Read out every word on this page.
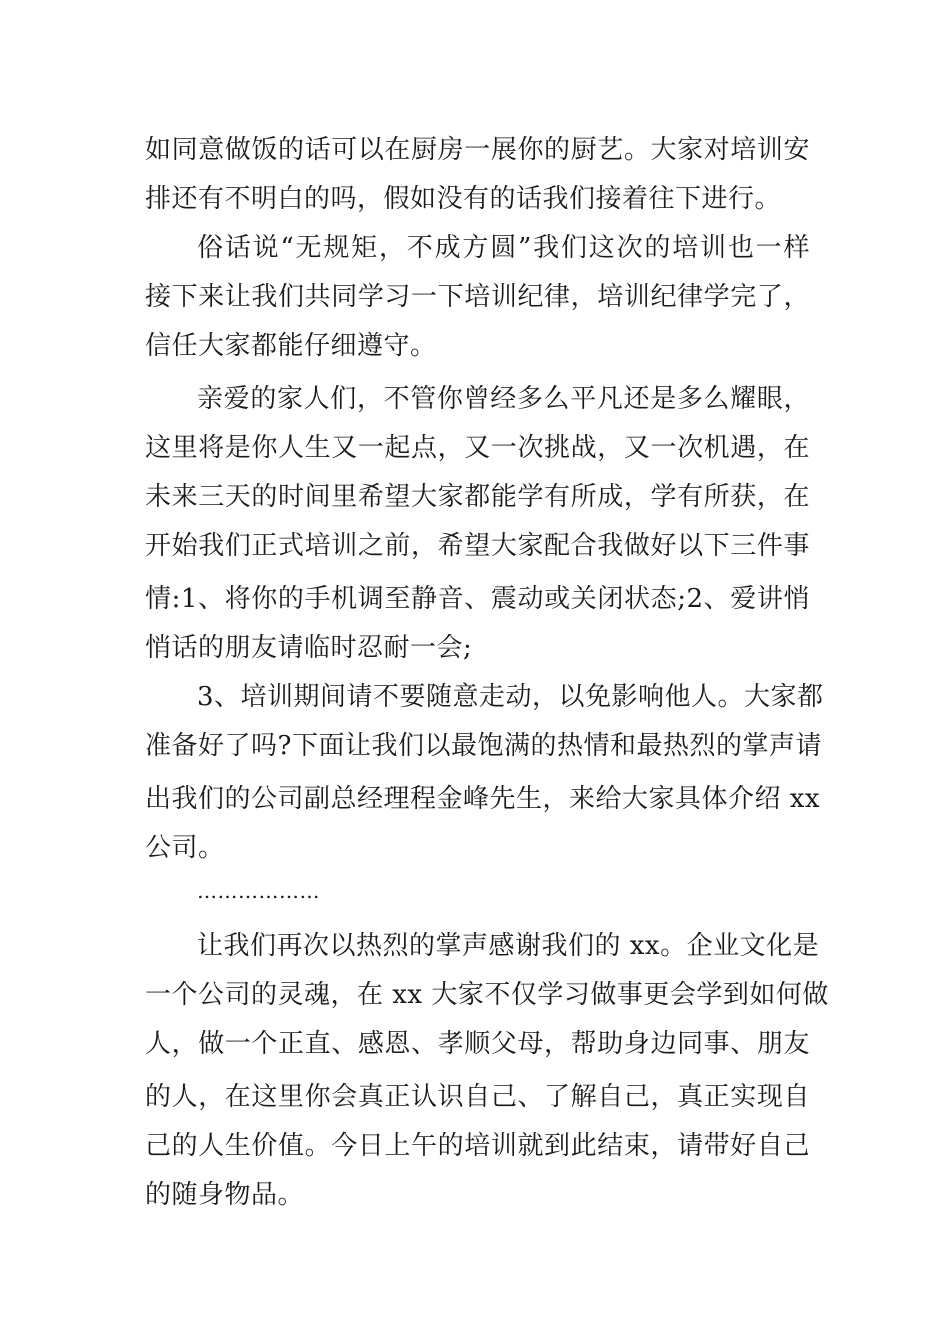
如同意做饭的话可以在厨房一展你的厨艺。大家对培训安
排还有不明白的吗，假如没有的话我们接着往下进行。
俗话说“无规矩，不成方圆”我们这次的培训也一样
接下来让我们共同学习一下培训纪律，培训纪律学完了，
信任大家都能仔细遵守。
亲爱的家人们，不管你曾经多么平凡还是多么耀眼，
这里将是你人生又一起点，又一次挑战，又一次机遇，在
未来三天的时间里希望大家都能学有所成，学有所获，在
开始我们正式培训之前，希望大家配合我做好以下三件事
情:1、将你的手机调至静音、震动或关闭状态;2、爱讲悄
悄话的朋友请临时忍耐一会;
3、培训期间请不要随意走动，以免影响他人。大家都
准备好了吗?下面让我们以最饱满的热情和最热烈的掌声请
出我们的公司副总经理程金峰先生，来给大家具体介绍 xx
公司。
………………
让我们再次以热烈的掌声感谢我们的 xx。企业文化是
一个公司的灵魂，在 xx 大家不仅学习做事更会学到如何做
人，做一个正直、感恩、孝顺父母，帮助身边同事、朋友
的人，在这里你会真正认识自己、了解自己，真正实现自
己的人生价值。今日上午的培训就到此结束，请带好自己
的随身物品。
